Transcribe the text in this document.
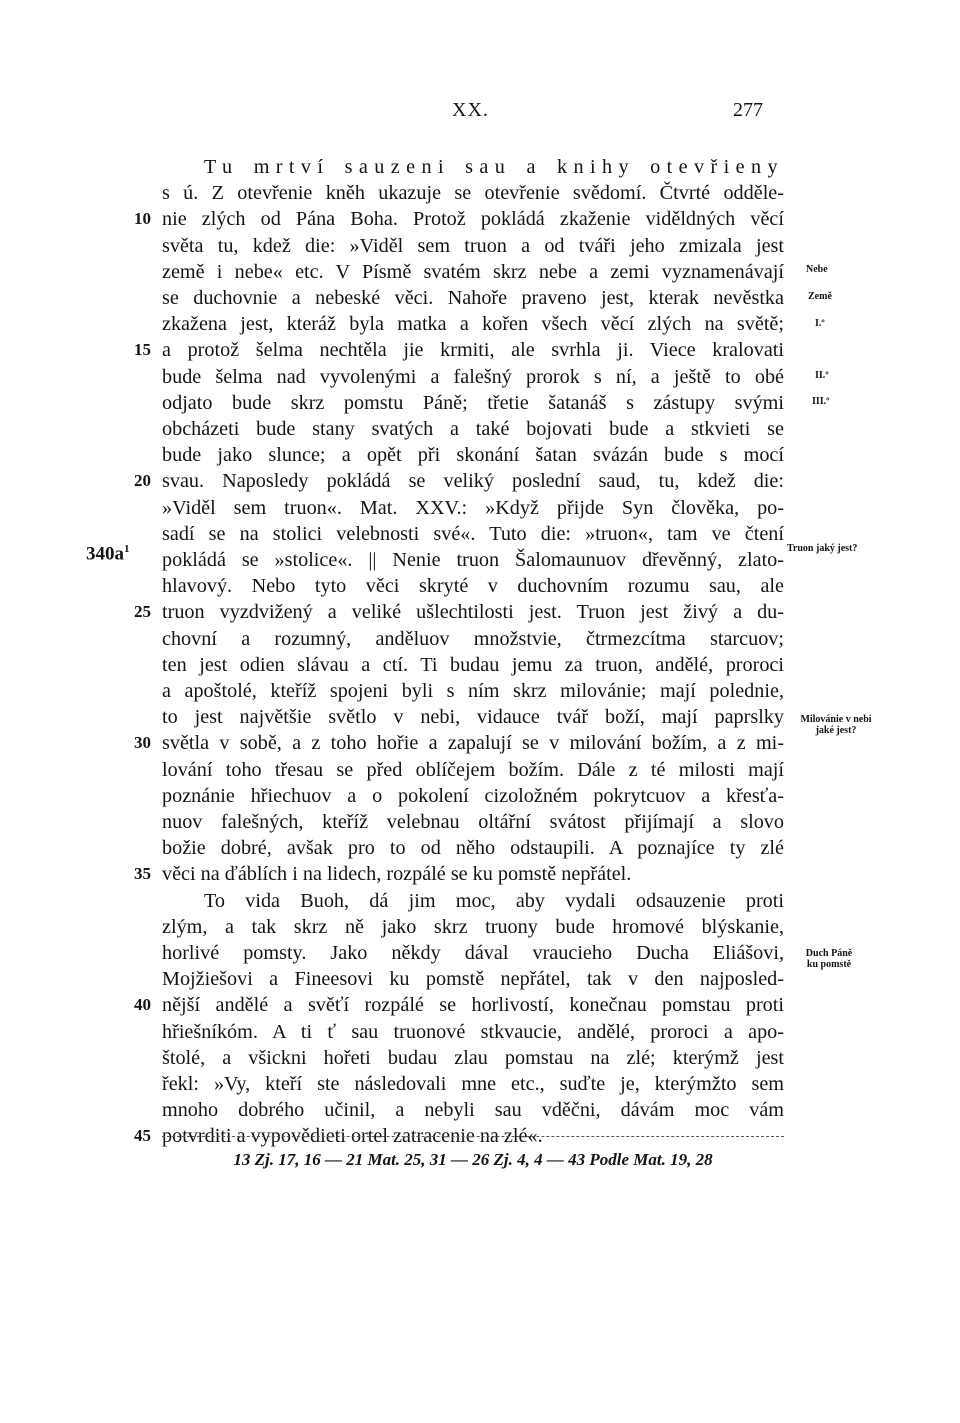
XX.	277
$340a^1$
Tu mrtví sauzeni sau a knihy otevřieny
s ú. Z otevřenie kněh ukazuje se otevřenie svědomí. Čtvrté odděle-
nie zlých od Pána Boha. Protož pokládá zkaženie viděldných věcí
světa tu, kdež die: »Viděl sem truon a od tváři jeho zmizala jest
země i nebe« etc. V Písmě svatém skrz nebe a zemi vyznamenávají
se duchovnie a nebeské věci. Nahoře praveno jest, kterak nevěstka
zkažena jest, kteráž byla matka a kořen všech věcí zlých na světě;
a protož šelma nechtěla jie krmiti, ale svrhla ji. Viece kralovati
bude šelma nad vyvolenými a falešný prorok s ní, a ještě to obé
odjato bude skrz pomstu Páně; třetie šatanáš s zástupy svými
obcházeti bude stany svatých a také bojovati bude a stkvieti se
bude jako slunce; a opět při skonání šatan svázán bude s mocí
svau. Naposledy pokládá se veliký poslední saud, tu, kdež die:
»Viděl sem truon«. Mat. XXV.: »Když přijde Syn člověka, po-
sadí se na stolici velebnosti své«. Tuto die: »truon«, tam ve čtení
pokládá se »stolice«. || Nenie truon Šalomaunuov dřevěnný, zlato-
hlavový. Nebo tyto věci skryté v duchovním rozumu sau, ale
truon vyzdvižený a veliké ušlechtilosti jest. Truon jest živý a du-
chovní a rozumný, anděluov množstvie, čtrmezcítma starcuov;
ten jest odien slávau a ctí. Ti budau jemu za truon, andělé, proroci
a apoštolé, kteříž spojeni byli s ním skrz milovánie; mají polednie,
to jest najvětšie světlo v nebi, vidauce tvář boží, mají paprslky
světla v sobě, a z toho hořie a zapalují se v milování božím, a z mi-
lování toho třesau se před oblíčejem božím. Dále z té milosti mají
poznánie hřiechuov a o pokolení cizoložném pokrytcuov a křesťa-
nuov falešných, kteříž velebnau oltářní svátost přijímají a slovo
božie dobré, avšak pro to od něho odstaupili. A poznajíce ty zlé
věci na ďáblích i na lidech, rozpálé se ku pomstě nepřátel.
To vida Buoh, dá jim moc, aby vydali odsauzenie proti
zlým, a tak skrz ně jako skrz truony bude hromové blýskanie,
horlivé pomsty. Jako někdy dával vraucieho Ducha Eliášovi,
Mojžiešovi a Fineesovi ku pomstě nepřátel, tak v den najposled-
nější andělé a svěťí rozpálé se horlivostí, konečnau pomstau proti
hřiešníkóm. A ti ť sau truonové stkvaucie, andělé, proroci a apo-
štolé, a všickni hořeti budau zlau pomstau na zlé; kterýmž jest
řekl: »Vy, kteří ste následovali mne etc., suďte je, kterýmžto sem
mnoho dobrého učinil, a nebyli sau vděčni, dávám moc vám
potvrditi a vypovědieti ortel zatracenie na zlé«.
10
15
20
25
30
35
40
45
Nebe
Země
I.º
II.º
III.º
Truon jaký jest?
Milovánie v nebi
jaké jest?
Duch Páně
ku pomstě
13 Zj. 17, 16 — 21 Mat. 25, 31 — 26 Zj. 4, 4 — 43 Podle Mat. 19, 28
